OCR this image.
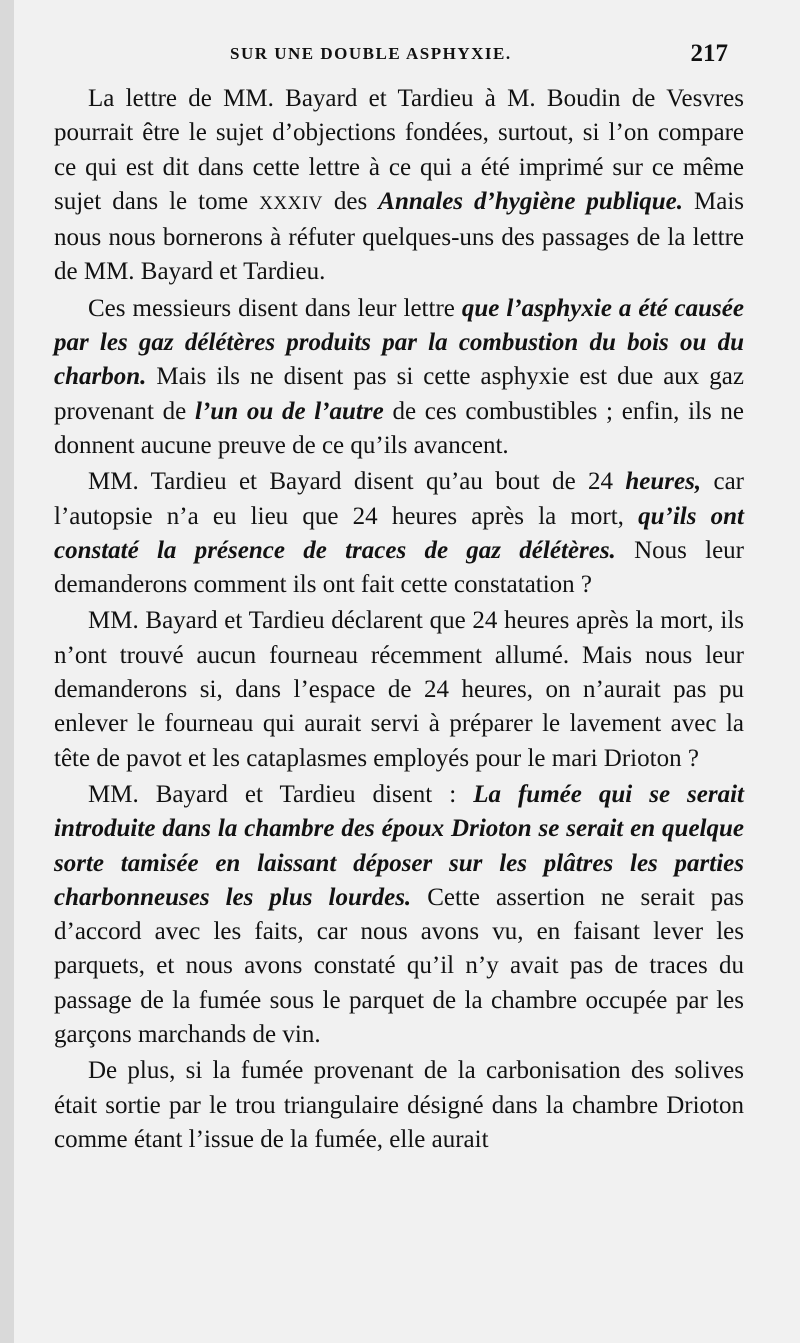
SUR UNE DOUBLE ASPHYXIE.	217

La lettre de MM. Bayard et Tardieu à M. Boudin de Vesvres pourrait être le sujet d’objections fondées, surtout, si l’on compare ce qui est dit dans cette lettre à ce qui a été imprimé sur ce même sujet dans le tome XXXIV des Annales d’hygiène publique. Mais nous nous bornerons à réfuter quelques-uns des passages de la lettre de MM. Bayard et Tardieu.

Ces messieurs disent dans leur lettre que l’asphyxie a été causée par les gaz délétères produits par la combustion du bois ou du charbon. Mais ils ne disent pas si cette asphyxie est due aux gaz provenant de l’un ou de l’autre de ces combustibles ; enfin, ils ne donnent aucune preuve de ce qu’ils avancent.

MM. Tardieu et Bayard disent qu’au bout de 24 heures, car l’autopsie n’a eu lieu que 24 heures après la mort, qu’ils ont constaté la présence de traces de gaz délétères. Nous leur demanderons comment ils ont fait cette constatation ?

MM. Bayard et Tardieu déclarent que 24 heures après la mort, ils n’ont trouvé aucun fourneau récemment allumé. Mais nous leur demanderons si, dans l’espace de 24 heures, on n’aurait pas pu enlever le fourneau qui aurait servi à préparer le lavement avec la tête de pavot et les cataplasmes employés pour le mari Drioton ?

MM. Bayard et Tardieu disent : La fumée qui se serait introduite dans la chambre des époux Drioton se serait en quelque sorte tamisée en laissant déposer sur les plâtres les parties charbonneuses les plus lourdes. Cette assertion ne serait pas d’accord avec les faits, car nous avons vu, en faisant lever les parquets, et nous avons constaté qu’il n’y avait pas de traces du passage de la fumée sous le parquet de la chambre occupée par les garçons marchands de vin.

De plus, si la fumée provenant de la carbonisation des solives était sortie par le trou triangulaire désigné dans la chambre Drioton comme étant l’issue de la fumée, elle aurait
